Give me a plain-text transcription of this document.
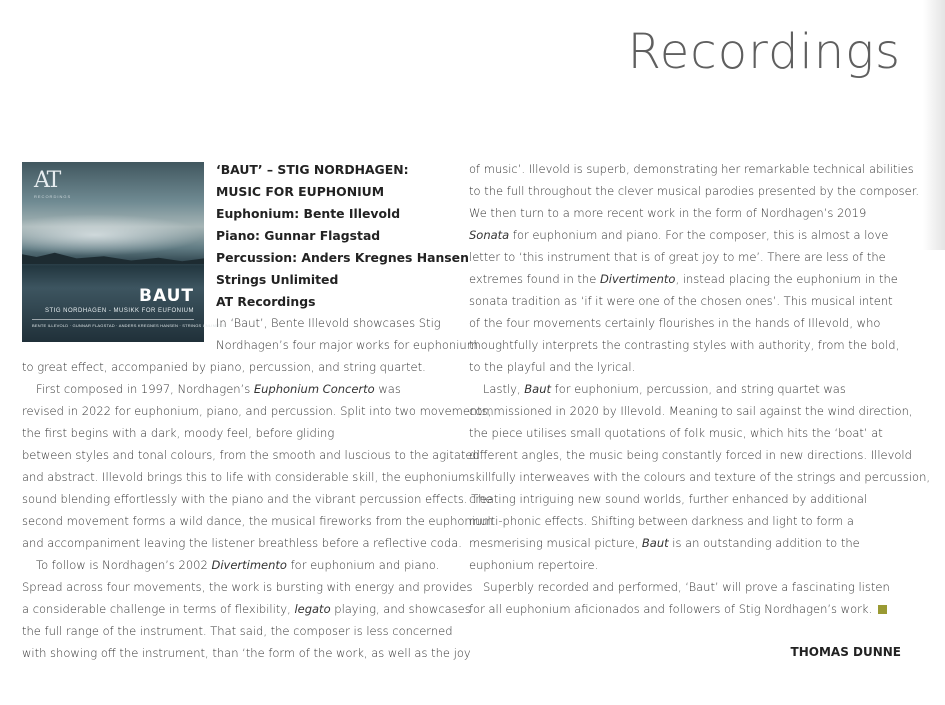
Recordings
AT
RECORDINGS
BAUT
STIG NORDHAGEN - MUSIKK FOR EUFONIUM
BENTE ILLEVOLD · GUNNAR FLAGSTAD · ANDERS KREGNES HANSEN · STRINGS UNLIMITED
‘BAUT’ – STIG NORDHAGEN:
MUSIC FOR EUPHONIUM
Euphonium: Bente Illevold
Piano: Gunnar Flagstad
Percussion: Anders Kregnes Hansen
Strings Unlimited
AT Recordings

In ‘Baut’, Bente Illevold showcases Stig

Nordhagen’s four major works for euphonium

to great effect, accompanied by piano, percussion, and string quartet.

First composed in 1997, Nordhagen’s Euphonium Concerto was

revised in 2022 for euphonium, piano, and percussion. Split into two movements,

the first begins with a dark, moody feel, before gliding

between styles and tonal colours, from the smooth and luscious to the agitated

and abstract. Illevold brings this to life with considerable skill, the euphonium

sound blending effortlessly with the piano and the vibrant percussion effects. The

second movement forms a wild dance, the musical fireworks from the euphonium

and accompaniment leaving the listener breathless before a reflective coda.

To follow is Nordhagen’s 2002 Divertimento for euphonium and piano.

Spread across four movements, the work is bursting with energy and provides

a considerable challenge in terms of flexibility, legato playing, and showcases

the full range of the instrument. That said, the composer is less concerned

with showing off the instrument, than ‘the form of the work, as well as the joy

of music’. Illevold is superb, demonstrating her remarkable technical abilities

to the full throughout the clever musical parodies presented by the composer.

We then turn to a more recent work in the form of Nordhagen’s 2019

Sonata for euphonium and piano. For the composer, this is almost a love

letter to ‘this instrument that is of great joy to me’. There are less of the

extremes found in the Divertimento, instead placing the euphonium in the

sonata tradition as ‘if it were one of the chosen ones’. This musical intent

of the four movements certainly flourishes in the hands of Illevold, who

thoughtfully interprets the contrasting styles with authority, from the bold,

to the playful and the lyrical.

Lastly, Baut for euphonium, percussion, and string quartet was

commissioned in 2020 by Illevold. Meaning to sail against the wind direction,

the piece utilises small quotations of folk music, which hits the ‘boat’ at

different angles, the music being constantly forced in new directions. Illevold

skillfully interweaves with the colours and texture of the strings and percussion,

creating intriguing new sound worlds, further enhanced by additional

multi-phonic effects. Shifting between darkness and light to form a

mesmerising musical picture, Baut is an outstanding addition to the

euphonium repertoire.

Superbly recorded and performed, ‘Baut’ will prove a fascinating listen

for all euphonium aficionados and followers of Stig Nordhagen’s work.

THOMAS DUNNE
